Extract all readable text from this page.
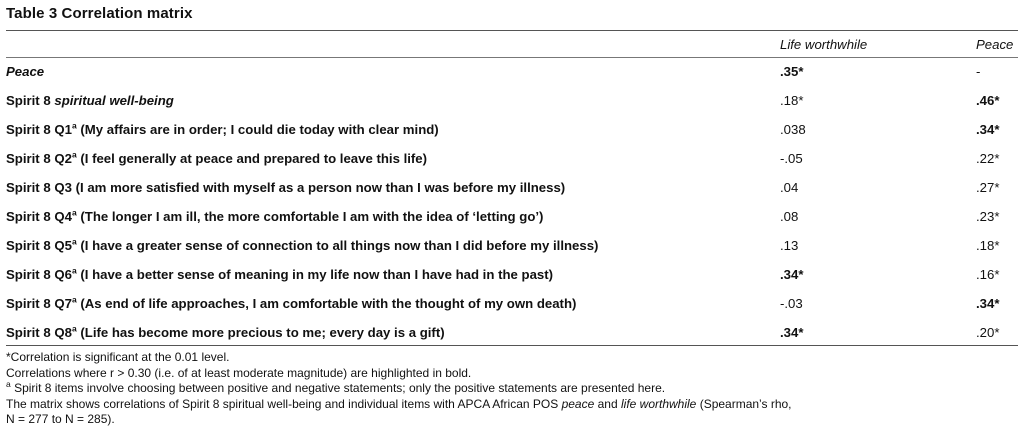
Table 3 Correlation matrix
	Life worthwhile	Peace
Peace	.35*	-
Spirit 8 spiritual well-being	.18*	.46*
Spirit 8 Q1$^a$ (My affairs are in order; I could die today with clear mind)	.038	.34*
Spirit 8 Q2$^a$ (I feel generally at peace and prepared to leave this life)	-.05	.22*
Spirit 8 Q3 (I am more satisfied with myself as a person now than I was before my illness)	.04	.27*
Spirit 8 Q4$^a$ (The longer I am ill, the more comfortable I am with the idea of ‘letting go’)	.08	.23*
Spirit 8 Q5$^a$ (I have a greater sense of connection to all things now than I did before my illness)	.13	.18*
Spirit 8 Q6$^a$ (I have a better sense of meaning in my life now than I have had in the past)	.34*	.16*
Spirit 8 Q7$^a$ (As end of life approaches, I am comfortable with the thought of my own death)	-.03	.34*
Spirit 8 Q8$^a$ (Life has become more precious to me; every day is a gift)	.34*	.20*
*Correlation is significant at the 0.01 level.
Correlations where r > 0.30 (i.e. of at least moderate magnitude) are highlighted in bold.
$^a$ Spirit 8 items involve choosing between positive and negative statements; only the positive statements are presented here.
The matrix shows correlations of Spirit 8 spiritual well-being and individual items with APCA African POS peace and life worthwhile (Spearman’s rho,
N = 277 to N = 285).
